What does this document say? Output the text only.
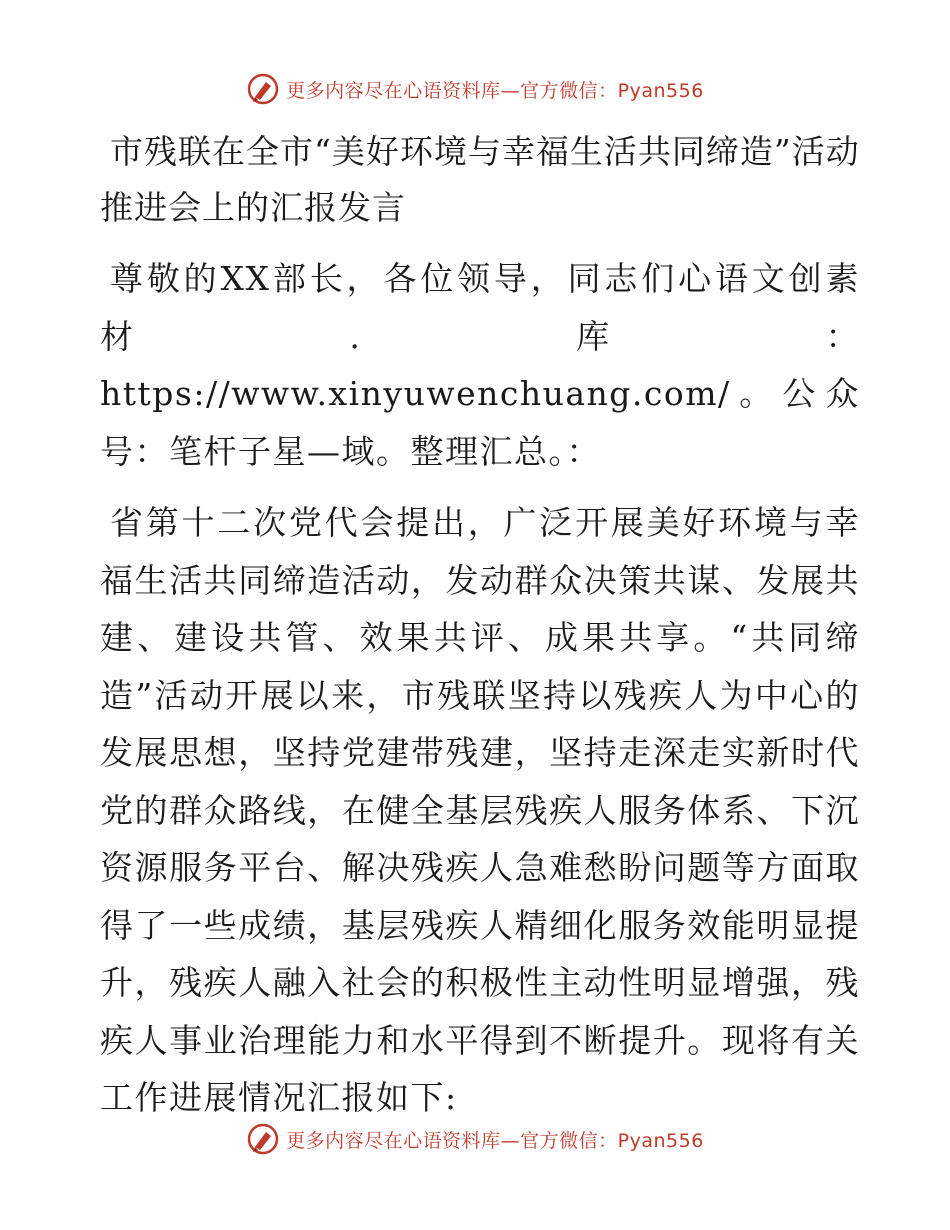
更多内容尽在心语资料库—官方微信：Pyan556
市残联在全市“美好环境与幸福生活共同缔造”活动推进会上的汇报发言

尊敬的XX部长，各位领导，同志们心语文创素材.库：https://www.xinyuwenchuang.com/。公众号：笔杆子星—域。整理汇总。：

省第十二次党代会提出，广泛开展美好环境与幸福生活共同缔造活动，发动群众决策共谋、发展共建、建设共管、效果共评、成果共享。“共同缔造”活动开展以来，市残联坚持以残疾人为中心的发展思想，坚持党建带残建，坚持走深走实新时代党的群众路线，在健全基层残疾人服务体系、下沉资源服务平台、解决残疾人急难愁盼问题等方面取得了一些成绩，基层残疾人精细化服务效能明显提升，残疾人融入社会的积极性主动性明显增强，残疾人事业治理能力和水平得到不断提升。现将有关工作进展情况汇报如下:

更多内容尽在心语资料库—官方微信：Pyan556
